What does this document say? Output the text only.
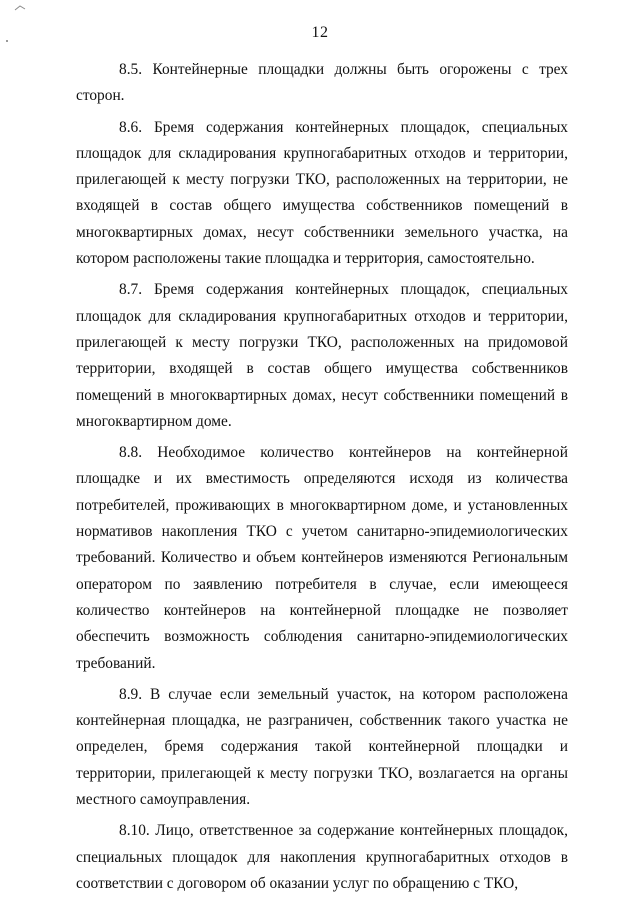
12

8.5. Контейнерные площадки должны быть огорожены с трех сторон.

8.6. Бремя содержания контейнерных площадок, специальных площадок для складирования крупногабаритных отходов и территории, прилегающей к месту погрузки ТКО, расположенных на территории, не входящей в состав общего имущества собственников помещений в многоквартирных домах, несут собственники земельного участка, на котором расположены такие площадка и территория, самостоятельно.

8.7. Бремя содержания контейнерных площадок, специальных площадок для складирования крупногабаритных отходов и территории, прилегающей к месту погрузки ТКО, расположенных на придомовой территории, входящей в состав общего имущества собственников помещений в многоквартирных домах, несут собственники помещений в многоквартирном доме.

8.8. Необходимое количество контейнеров на контейнерной площадке и их вместимость определяются исходя из количества потребителей, проживающих в многоквартирном доме, и установленных нормативов накопления ТКО с учетом санитарно-эпидемиологических требований. Количество и объем контейнеров изменяются Региональным оператором по заявлению потребителя в случае, если имеющееся количество контейнеров на контейнерной площадке не позволяет обеспечить возможность соблюдения санитарно-эпидемиологических требований.

8.9. В случае если земельный участок, на котором расположена контейнерная площадка, не разграничен, собственник такого участка не определен, бремя содержания такой контейнерной площадки и территории, прилегающей к месту погрузки ТКО, возлагается на органы местного самоуправления.

8.10. Лицо, ответственное за содержание контейнерных площадок, специальных площадок для накопления крупногабаритных отходов в соответствии с договором об оказании услуг по обращению с ТКО,
